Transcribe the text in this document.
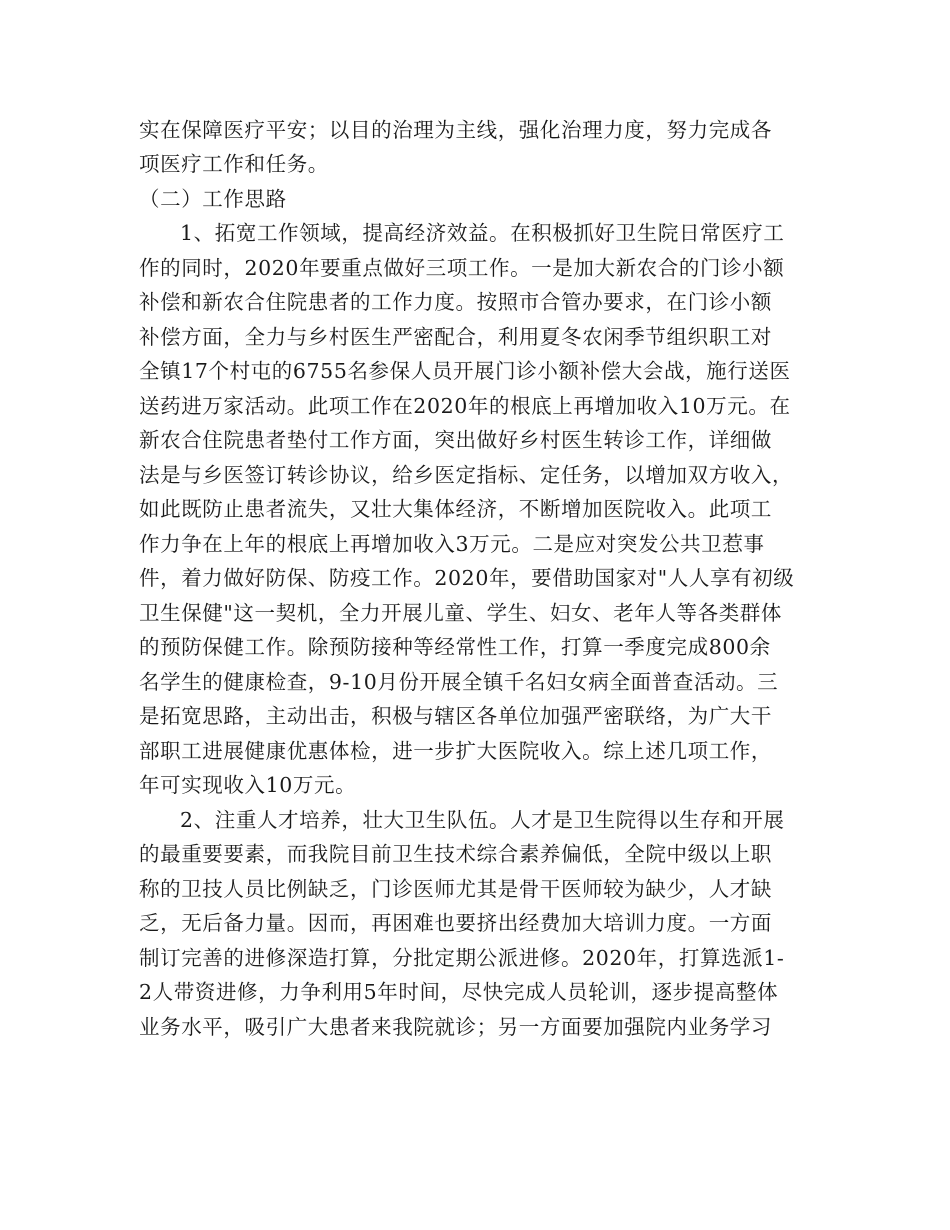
实在保障医疗平安；以目的治理为主线，强化治理力度，努力完成各
项医疗工作和任务。
（二）工作思路
1、拓宽工作领域，提高经济效益。在积极抓好卫生院日常医疗工
作的同时，2020年要重点做好三项工作。一是加大新农合的门诊小额
补偿和新农合住院患者的工作力度。按照市合管办要求，在门诊小额
补偿方面，全力与乡村医生严密配合，利用夏冬农闲季节组织职工对
全镇17个村屯的6755名参保人员开展门诊小额补偿大会战，施行送医
送药进万家活动。此项工作在2020年的根底上再增加收入10万元。在
新农合住院患者垫付工作方面，突出做好乡村医生转诊工作，详细做
法是与乡医签订转诊协议，给乡医定指标、定任务，以增加双方收入，
如此既防止患者流失，又壮大集体经济，不断增加医院收入。此项工
作力争在上年的根底上再增加收入3万元。二是应对突发公共卫惹事
件，着力做好防保、防疫工作。2020年，要借助国家对"人人享有初级
卫生保健"这一契机，全力开展儿童、学生、妇女、老年人等各类群体
的预防保健工作。除预防接种等经常性工作，打算一季度完成800余
名学生的健康检查，9-10月份开展全镇千名妇女病全面普查活动。三
是拓宽思路，主动出击，积极与辖区各单位加强严密联络，为广大干
部职工进展健康优惠体检，进一步扩大医院收入。综上述几项工作，
年可实现收入10万元。
2、注重人才培养，壮大卫生队伍。人才是卫生院得以生存和开展
的最重要要素，而我院目前卫生技术综合素养偏低，全院中级以上职
称的卫技人员比例缺乏，门诊医师尤其是骨干医师较为缺少，人才缺
乏，无后备力量。因而，再困难也要挤出经费加大培训力度。一方面
制订完善的进修深造打算，分批定期公派进修。2020年，打算选派1-
2人带资进修，力争利用5年时间，尽快完成人员轮训，逐步提高整体
业务水平，吸引广大患者来我院就诊；另一方面要加强院内业务学习
